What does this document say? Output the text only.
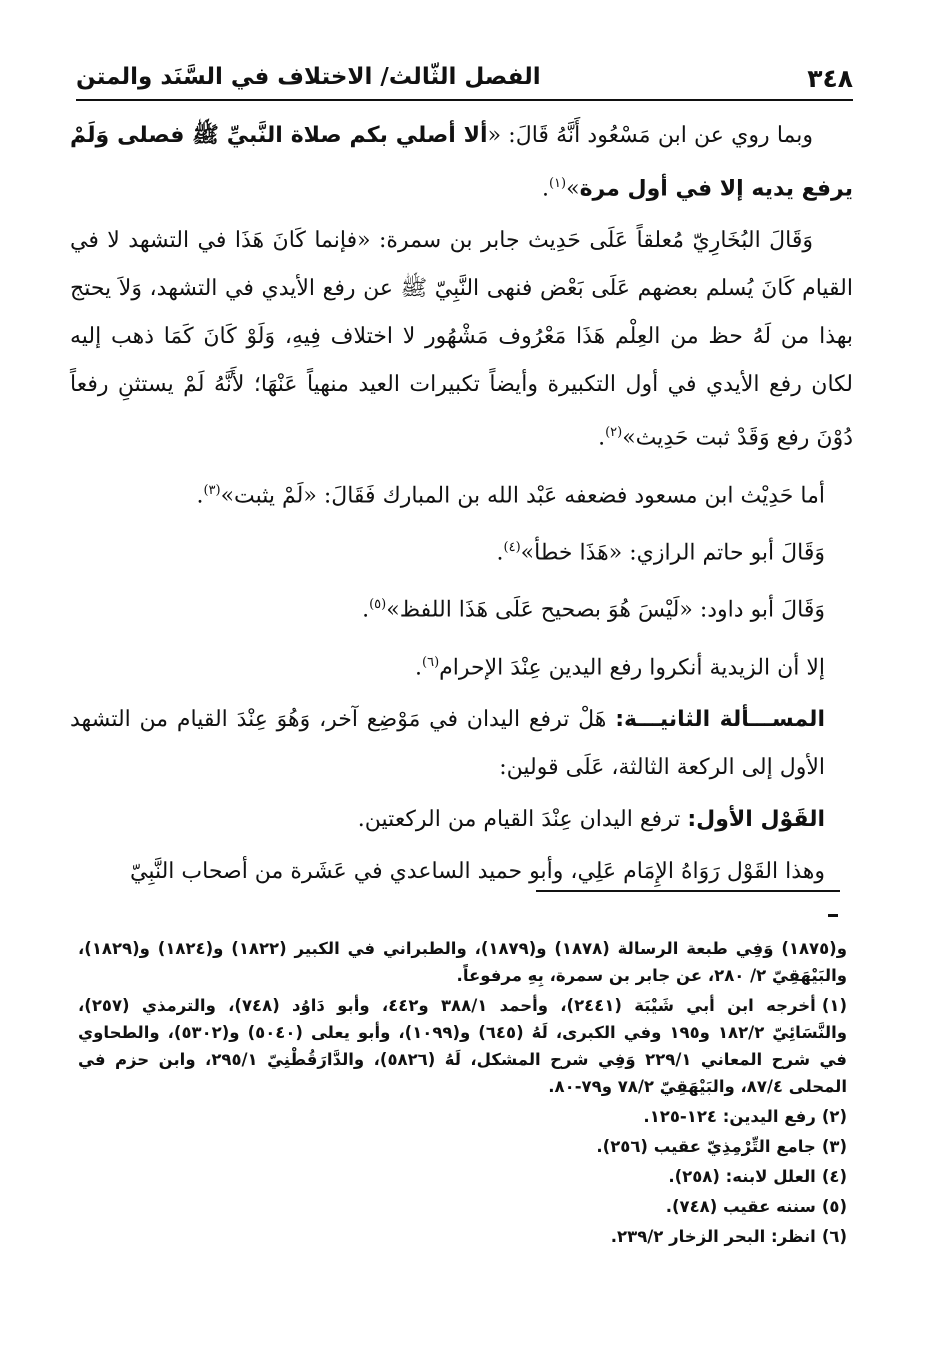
٣٤٨
الفصل الثّالث/ الاختلاف في السَّنَد والمتن

وبما روي عن ابن مَسْعُود أَنَّهُ قَالَ: «ألا أصلي بكم صلاة النَّبيِّ ﷺ فصلى وَلَمْ يرفع يديه إلا في أول مرة»$^{(١)}$.

وَقَالَ البُخَارِيّ مُعلقاً عَلَى حَدِيث جابر بن سمرة: «فإنما كَانَ هَذَا في التشهد لا في القيام كَانَ يُسلم بعضهم عَلَى بَعْض فنهى النَّبِيّ ﷺ عن رفع الأيدي في التشهد، وَلاَ يحتج بهذا من لَهُ حظ من العِلْم هَذَا مَعْرُوف مَشْهُور لا اختلاف فِيهِ، وَلَوْ كَانَ كَمَا ذهب إليه لكان رفع الأيدي في أول التكبيرة وأيضاً تكبيرات العيد منهياً عَنْهَا؛ لأَنَّهُ لَمْ يستثنِ رفعاً دُوْنَ رفع وَقَدْ ثبت حَدِيث»$^{(٢)}$.

أما حَدِيْث ابن مسعود فضعفه عَبْد الله بن المبارك فَقَالَ: «لَمْ يثبت»$^{(٣)}$.

وَقَالَ أبو حاتم الرازي: «هَذَا خطأ»$^{(٤)}$.

وَقَالَ أبو داود: «لَيْسَ هُوَ بصحيح عَلَى هَذَا اللفظ»$^{(٥)}$.

إلا أن الزيدية أنكروا رفع اليدين عِنْدَ الإحرام$^{(٦)}$.

المســـألة الثانيـــة: هَلْ ترفع اليدان في مَوْضِع آخر، وَهُوَ عِنْدَ القيام من التشهد الأول إلى الركعة الثالثة، عَلَى قولين:

القَوْل الأول: ترفع اليدان عِنْدَ القيام من الركعتين.

وهذا القَوْل رَوَاهُ الإِمَام عَلِي، وأبو حميد الساعدي في عَشَرة من أصحاب النَّبِيّ

و(١٨٧٥) وَفِي طبعة الرسالة (١٨٧٨) و(١٨٧٩)، والطبراني في الكبير (١٨٢٢) و(١٨٢٤) و(١٨٢٩)، والبَيْهَقِيّ ٢/ ٢٨٠، عن جابر بن سمرة، بِهِ مرفوعاً.

(١)أخرجه ابن أبي شَيْبَة (٢٤٤١)، وأحمد ٣٨٨/١ و٤٤٢، وأبو دَاوُد (٧٤٨)، والترمذي (٢٥٧)، والنَّسَائِيّ ١٨٢/٢ و١٩٥ وفي الكبرى، لَهُ (٦٤٥) و(١٠٩٩)، وأبو يعلى (٥٠٤٠) و(٥٣٠٢)، والطحاوي في شرح المعاني ٢٢٩/١ وَفِي شرح المشكل، لَهُ (٥٨٢٦)، والدَّارَقُطْنِيّ ٢٩٥/١، وابن حزم في المحلى ٨٧/٤، والبَيْهَقِيّ ٧٨/٢ و٧٩-٨٠.

(٢)رفع اليدين: ١٢٤-١٢٥.

(٣)جامع التِّرْمِذِيّ عقيب (٢٥٦).

(٤)العلل لابنه: (٢٥٨).

(٥)سننه عقيب (٧٤٨).

(٦)انظر: البحر الزخار ٢٣٩/٢.
